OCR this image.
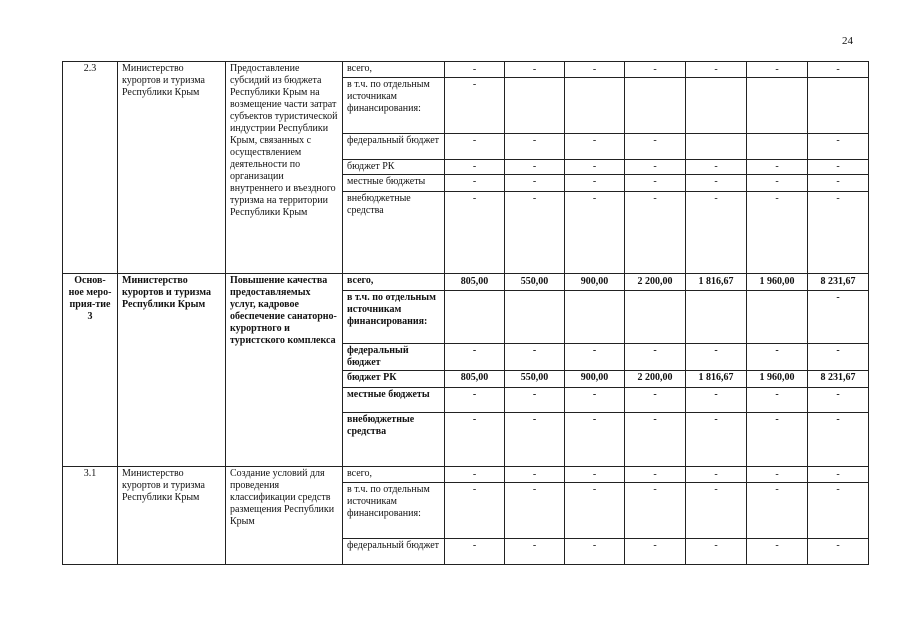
24
2.3	Министерство курортов и туризма Республики Крым	Предоставление субсидий из бюджета Республики Крым на возмещение части затрат субъектов туристической индустрии Республики Крым, связанных с осуществлением деятельности по организации внутреннего и въездного туризма на территории Республики Крым	всего,	-	-	-	-	-	-	-
			в т.ч. по отдельным источникам финансирования:	-						
			федеральный бюджет	-	-	-	-			-
			бюджет РК	-	-	-	-	-	-	-
			местные бюджеты	-	-	-	-	-	-	-
			внебюджетные средства	-	-	-	-	-	-	-
Основ-ное меро-прия-тие 3	Министерство курортов и туризма Республики Крым	Повышение качества предоставляемых услуг, кадровое обеспечение санаторно-курортного и туристского комплекса	всего,	805,00	550,00	900,00	2 200,00	1 816,67	1 960,00	8 231,67
			в т.ч. по отдельным источникам финансирования:							-
			федеральный бюджет	-	-	-	-	-	-	-
			бюджет РК	805,00	550,00	900,00	2 200,00	1 816,67	1 960,00	8 231,67
			местные бюджеты	-	-	-	-	-	-	-
			внебюджетные средства	-	-	-	-	-	-	-
3.1	Министерство курортов и туризма Республики Крым	Создание условий для проведения классификации средств размещения Республики Крым	всего,	-	-	-	-	-	-	-
			в т.ч. по отдельным источникам финансирования:	-	-	-	-	-	-	-
			федеральный бюджет	-	-	-	-	-	-	-
